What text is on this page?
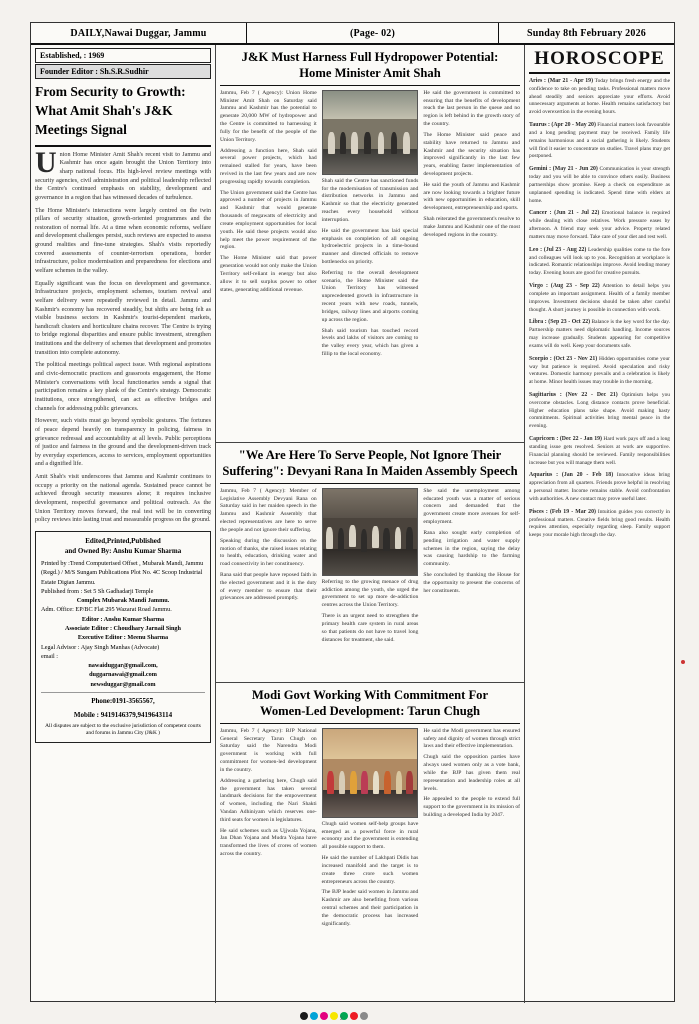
DAILY,Nawai Duggar, Jammu	(Page- 02)	Sunday 8th February 2026
Established, : 1969
Founder Editor : Sh.S.R.Sudhir
From Security to Growth:
What Amit Shah's J&K
Meetings Signal

Union Home Minister Amit Shah's recent visit to Jammu and Kashmir has once again brought the Union Territory into sharp national focus. His high-level review meetings with security agencies, civil administration and political leadership reflected the Centre's continued emphasis on stability, development and governance in a region that has witnessed decades of turbulence.

The Home Minister's interactions were largely centred on the twin pillars of security situation, growth-oriented programmes and the restoration of normal life. At a time when economic reforms, welfare and development challenges persist, such reviews are expected to assess ground realities and fine-tune strategies. Shah's visits reportedly covered assessments of counter-terrorism operations, border infrastructure, police modernisation and preparedness for elections and welfare schemes in the valley.

Equally significant was the focus on development and governance. Infrastructure projects, employment schemes, tourism revival and welfare delivery were repeatedly reviewed in detail. Jammu and Kashmir's economy has recovered steadily, but shifts are being felt as visible business sectors in Kashmir's tourist-dependent markets, handicraft clusters and horticulture chains recover. The Centre is trying to bridge regional disparities and ensure public investment, strengthen institutions and the delivery of schemes that development and promotes transition into complete autonomy.

The political meetings political aspect issue. With regional aspirations and civic-democratic practices and grassroots engagement, the Home Minister's conversations with local functionaries sends a signal that participation remains a key plank of the Centre's strategy. Democratic institutions, once strengthened, can act as effective bridges and channels for addressing public grievances.

However, such visits must go beyond symbolic gestures. The fortunes of peace depend heavily on transparency in policing, fairness in grievance redressal and accountability at all levels. Public perceptions of justice and fairness in the ground and the development-driven track by everyday experiences, access to services, employment opportunities and a dignified life.

Amit Shah's visit underscores that Jammu and Kashmir continues to occupy a priority on the national agenda. Sustained peace cannot be achieved through security measures alone; it requires inclusive development, respectful governance and political outreach. As the Union Territory moves forward, the real test will be in converting policy reviews into lasting trust and measurable progress on the ground.

Edited,Printed,Published
and Owned By: Anshu Kumar Sharma
Printed by :Trend Computerised Offset , Mubarak Mandi, Jammu (Regd.) / M/S Sungam Publications Plot No. 4C Scoop Industrial Estate Digian Jammu.
Published from : Set 5 Sh Gadhadarji Temple
Complex Mubarak Mandi Jammu.
Adm. Office: EP/BC Flat 295 Wazarat Road Jammu.
Editor : Anshu Kumar Sharma
Associate Editor : Choudhary Jarnail Singh
Executive Editor : Meenu Sharma
Legal Advisor : Ajay Singh Manhas (Advocate)
email :
nawaiduggar@gmail.com,
duggarnawai@gmail.com
newsduggar@gmail.com
Phone:0191-3565567,
Mobile : 9419146379,9419643114
All disputes are subject to the exclusive jurisdiction of competent courts and forums in Jammu City (J&K )
J&K Must Harness Full Hydropower Potential:
Home Minister Amit Shah

Jammu, Feb 7 ( Agency): Union Home Minister Amit Shah on Saturday said Jammu and Kashmir has the potential to generate 20,000 MW of hydropower and the Centre is committed to harnessing it fully for the benefit of the people of the Union Territory.

Addressing a function here, Shah said several power projects, which had remained stalled for years, have been revived in the last few years and are now progressing rapidly towards completion.

The Union government said the Centre has approved a number of projects in Jammu and Kashmir that would generate thousands of megawatts of electricity and create employment opportunities for local youth. He said these projects would also help meet the power requirement of the region.

The Home Minister said that power generation would not only make the Union Territory self-reliant in energy but also allow it to sell surplus power to other states, generating additional revenue.

Shah said the Centre has sanctioned funds for the modernisation of transmission and distribution networks in Jammu and Kashmir so that the electricity generated reaches every household without interruption.

He said the government has laid special emphasis on completion of all ongoing hydroelectric projects in a time-bound manner and directed officials to remove bottlenecks on priority.

Referring to the overall development scenario, the Home Minister said the Union Territory has witnessed unprecedented growth in infrastructure in recent years with new roads, tunnels, bridges, railway lines and airports coming up across the region.

Shah said tourism has touched record levels and lakhs of visitors are coming to the valley every year, which has given a fillip to the local economy.

He said the government is committed to ensuring that the benefits of development reach the last person in the queue and no region is left behind in the growth story of the country.

The Home Minister said peace and stability have returned to Jammu and Kashmir and the security situation has improved significantly in the last few years, enabling faster implementation of development projects.

He said the youth of Jammu and Kashmir are now looking towards a brighter future with new opportunities in education, skill development, entrepreneurship and sports.

Shah reiterated the government's resolve to make Jammu and Kashmir one of the most developed regions in the country.

"We Are Here To Serve People, Not Ignore Their
Suffering": Devyani Rana In Maiden Assembly Speech

Jammu, Feb 7 ( Agency): Member of Legislative Assembly Devyani Rana on Saturday said in her maiden speech in the Jammu and Kashmir Assembly that elected representatives are here to serve the people and not ignore their suffering.

Speaking during the discussion on the motion of thanks, she raised issues relating to health, education, drinking water and road connectivity in her constituency.

Rana said that people have reposed faith in the elected government and it is the duty of every member to ensure that their grievances are addressed promptly.

Referring to the growing menace of drug addiction among the youth, she urged the government to set up more de-addiction centres across the Union Territory.

There is an urgent need to strengthen the primary health care system in rural areas so that patients do not have to travel long distances for treatment, she said.

She said the unemployment among educated youth was a matter of serious concern and demanded that the government create more avenues for self-employment.

Rana also sought early completion of pending irrigation and water supply schemes in the region, saying the delay was causing hardship to the farming community.

She concluded by thanking the House for the opportunity to present the concerns of her constituents.

Modi Govt Working With Commitment For
Women-Led Development: Tarun Chugh

Jammu, Feb 7 ( Agency): BJP National General Secretary Tarun Chugh on Saturday said the Narendra Modi government is working with full commitment for women-led development in the country.

Addressing a gathering here, Chugh said the government has taken several landmark decisions for the empowerment of women, including the Nari Shakti Vandan Adhiniyam which reserves one-third seats for women in legislatures.

He said schemes such as Ujjwala Yojana, Jan Dhan Yojana and Mudra Yojana have transformed the lives of crores of women across the country.

Chugh said women self-help groups have emerged as a powerful force in rural economy and the government is extending all possible support to them.

He said the number of Lakhpati Didis has increased manifold and the target is to create three crore such women entrepreneurs across the country.

The BJP leader said women in Jammu and Kashmir are also benefiting from various central schemes and their participation in the democratic process has increased significantly.

He said the Modi government has ensured safety and dignity of women through strict laws and their effective implementation.

Chugh said the opposition parties have always used women only as a vote bank, while the BJP has given them real representation and leadership roles at all levels.

He appealed to the people to extend full support to the government in its mission of building a developed India by 2047.

HOROSCOPE

Aries : (Mar 21 - Apr 19) Today brings fresh energy and the confidence to take on pending tasks. Professional matters move ahead steadily and seniors appreciate your efforts. Avoid unnecessary arguments at home. Health remains satisfactory but avoid overexertion in the evening hours.

Taurus : (Apr 20 - May 20) Financial matters look favourable and a long pending payment may be received. Family life remains harmonious and a social gathering is likely. Students will find it easier to concentrate on studies. Travel plans may get postponed.

Gemini : (May 21 - Jun 20) Communication is your strength today and you will be able to convince others easily. Business partnerships show promise. Keep a check on expenditure as unplanned spending is indicated. Spend time with elders at home.

Cancer : (Jun 21 - Jul 22) Emotional balance is required while dealing with close relatives. Work pressure eases by afternoon. A friend may seek your advice. Property related matters may move forward. Take care of your diet and rest well.

Leo : (Jul 23 - Aug 22) Leadership qualities come to the fore and colleagues will look up to you. Recognition at workplace is indicated. Romantic relationships improve. Avoid lending money today. Evening hours are good for creative pursuits.

Virgo : (Aug 23 - Sep 22) Attention to detail helps you complete an important assignment. Health of a family member improves. Investment decisions should be taken after careful thought. A short journey is possible in connection with work.

Libra : (Sep 23 - Oct 22) Balance is the key word for the day. Partnership matters need diplomatic handling. Income sources may increase gradually. Students appearing for competitive exams will do well. Keep your documents safe.

Scorpio : (Oct 23 - Nov 21) Hidden opportunities come your way but patience is required. Avoid speculation and risky ventures. Domestic harmony prevails and a celebration is likely at home. Minor health issues may trouble in the morning.

Sagittarius : (Nov 22 - Dec 21) Optimism helps you overcome obstacles. Long distance contacts prove beneficial. Higher education plans take shape. Avoid making hasty commitments. Spiritual activities bring mental peace in the evening.

Capricorn : (Dec 22 - Jan 19) Hard work pays off and a long standing issue gets resolved. Seniors at work are supportive. Financial planning should be reviewed. Family responsibilities increase but you will manage them well.

Aquarius : (Jan 20 - Feb 18) Innovative ideas bring appreciation from all quarters. Friends prove helpful in resolving a personal matter. Income remains stable. Avoid confrontation with authorities. A new contact may prove useful later.

Pisces : (Feb 19 - Mar 20) Intuition guides you correctly in professional matters. Creative fields bring good results. Health requires attention, especially regarding sleep. Family support keeps your morale high through the day.

2
